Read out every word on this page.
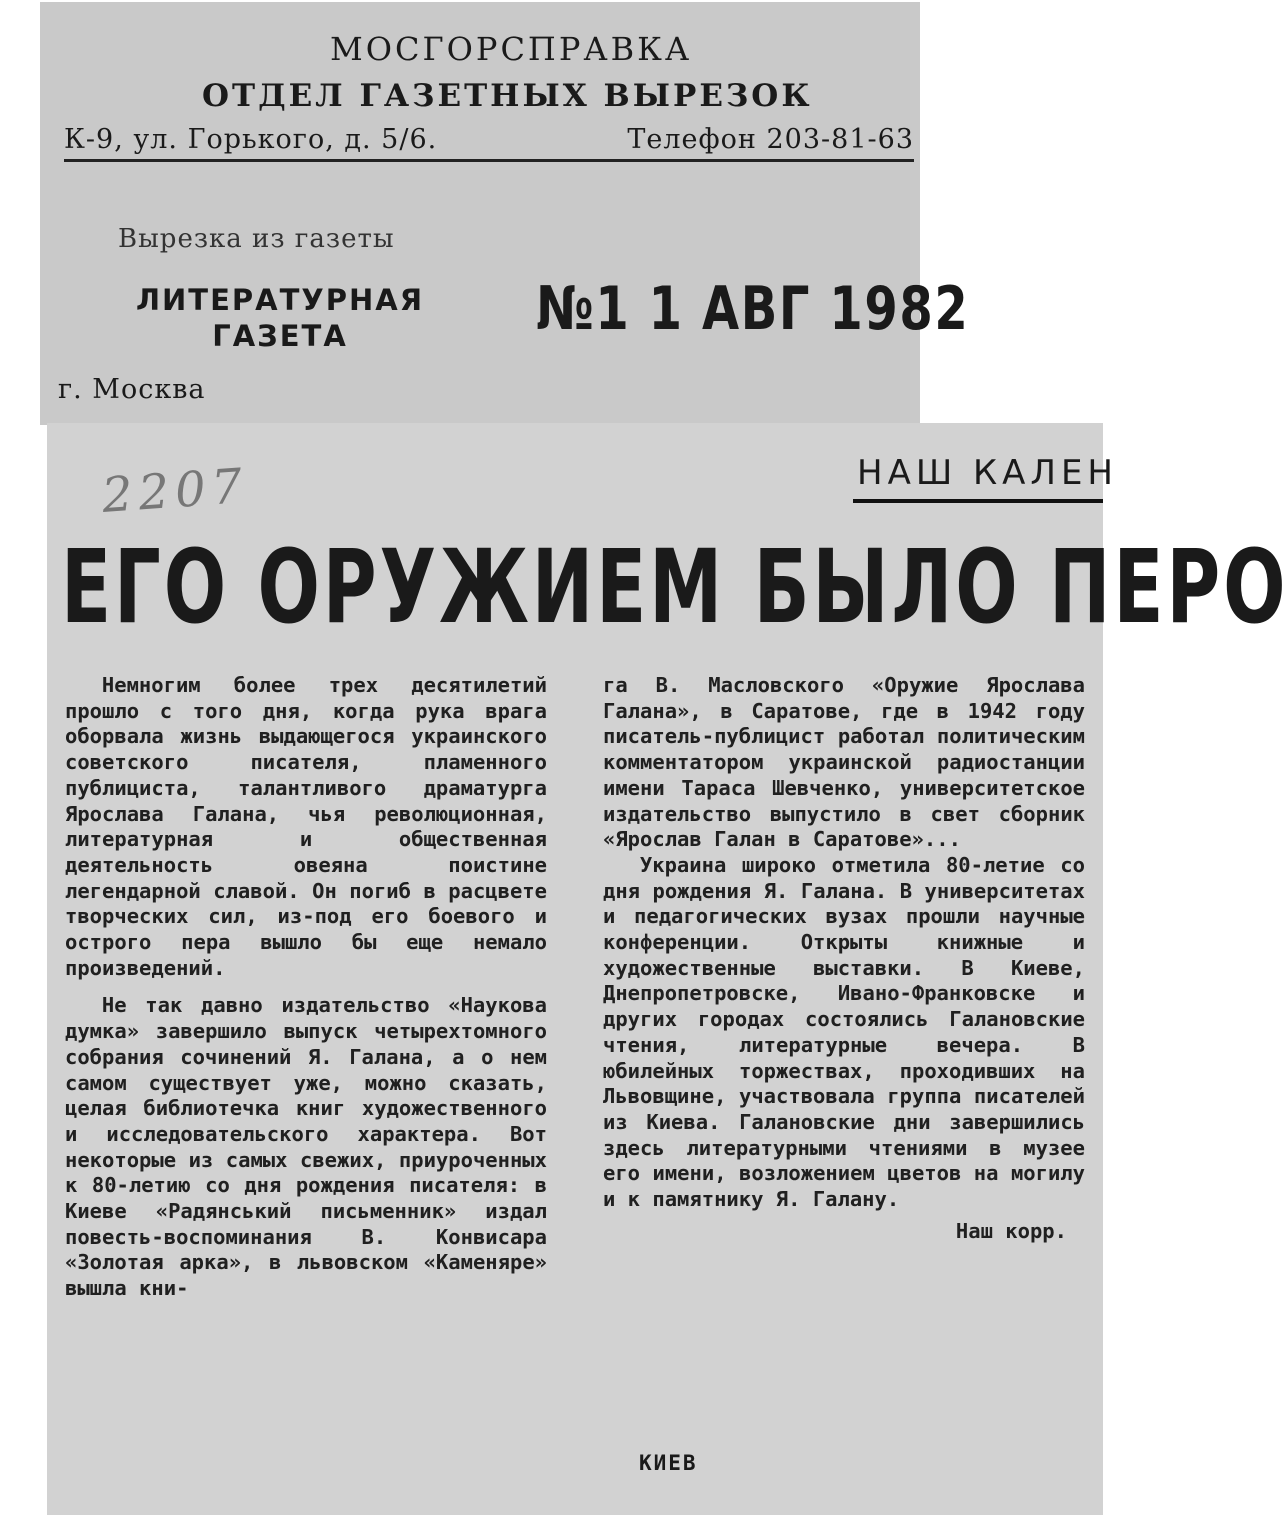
МОСГОРСПРАВКА
ОТДЕЛ ГАЗЕТНЫХ ВЫРЕЗОК
К-9, ул. Горького, д. 5/6.	Телефон 203-81-63
Вырезка из газеты
ЛИТЕРАТУРНАЯ ГАЗЕТА	№1 1 АВГ 1982
г. Москва
2207	НАШ КАЛЕН
ЕГО ОРУЖИЕМ БЫЛО ПЕРО

Немногим более трех десятилетий прошло с того дня, когда рука врага оборвала жизнь выдающегося украинского советского писателя, пламенного публициста, талантливого драматурга Ярослава Галана, чья революционная, литературная и общественная деятельность овеяна поистине легендарной славой. Он погиб в расцвете творческих сил, из-под его боевого и острого пера вышло бы еще немало произведений.

Не так давно издательство «Наукова думка» завершило выпуск четырехтомного собрания сочинений Я. Галана, а о нем самом существует уже, можно сказать, целая библиотечка книг художественного и исследовательского характера. Вот некоторые из самых свежих, приуроченных к 80-летию со дня рождения писателя: в Киеве «Радянський письменник» издал повесть-воспоминания В. Конвисара «Золотая арка», в львовском «Каменяре» вышла кни-

га В. Масловского «Оружие Ярослава Галана», в Саратове, где в 1942 году писатель-публицист работал политическим комментатором украинской радиостанции имени Тараса Шевченко, университетское издательство выпустило в свет сборник «Ярослав Галан в Саратове»...

Украина широко отметила 80-летие со дня рождения Я. Галана. В университетах и педагогических вузах прошли научные конференции. Открыты книжные и художественные выставки. В Киеве, Днепропетровске, Ивано-Франковске и других городах состоялись Галановские чтения, литературные вечера. В юбилейных торжествах, проходивших на Львовщине, участвовала группа писателей из Киева. Галановские дни завершились здесь литературными чтениями в музее его имени, возложением цветов на могилу и к памятнику Я. Галану.

Наш корр.
КИЕВ
